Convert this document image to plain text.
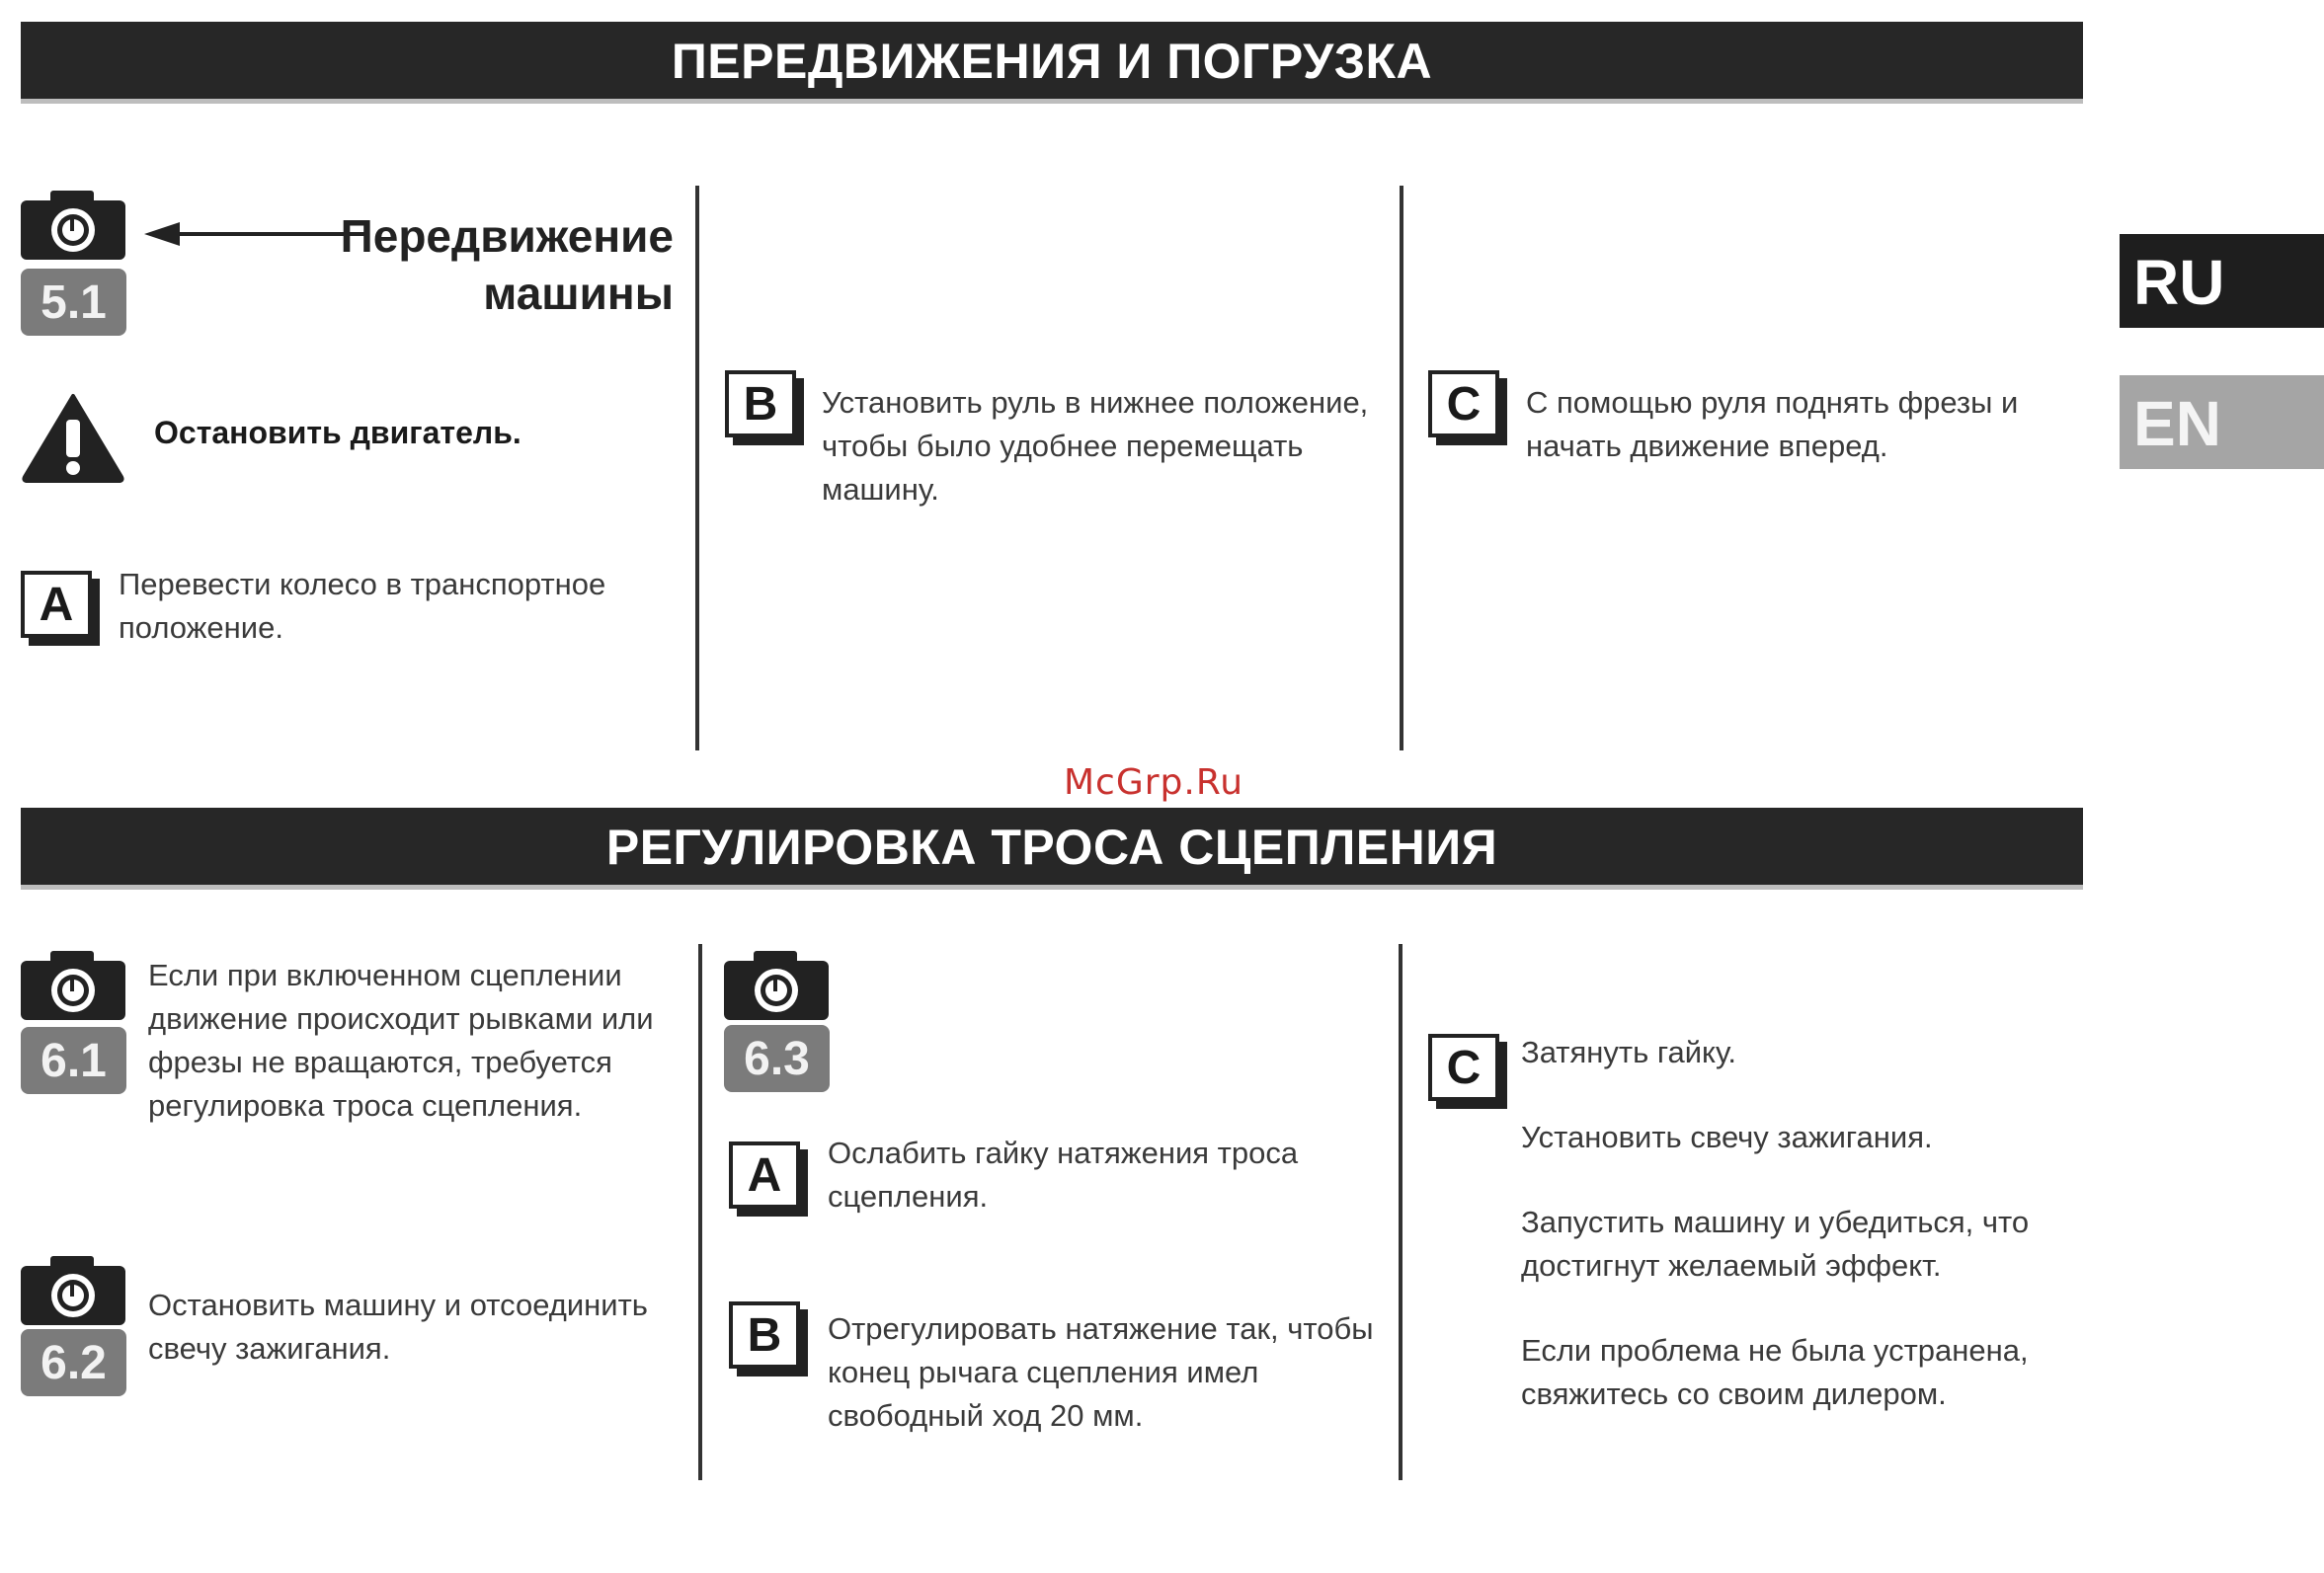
ПЕРЕДВИЖЕНИЯ И ПОГРУЗКА
5.1
Передвижение
машины
Остановить двигатель.
A	Перевести колесо в транспортное
положение.
B	Установить руль в нижнее положение,
чтобы было удобнее перемещать
машину.
C	С помощью руля поднять фрезы и
начать движение вперед.
McGrp.Ru
РЕГУЛИРОВКА ТРОСА СЦЕПЛЕНИЯ
6.1
Если при включенном сцеплении
движение происходит рывками или
фрезы не вращаются, требуется
регулировка троса сцепления.
6.2
Остановить машину и отсоединить
свечу зажигания.
6.3
A	Ослабить гайку натяжения троса
сцепления.
B	Отрегулировать натяжение так, чтобы
конец рычага сцепления имел
свободный ход 20 мм.
C	Затянуть гайку.
Установить свечу зажигания.
Запустить машину и убедиться, что
достигнут желаемый эффект.
Если проблема не была устранена,
свяжитесь со своим дилером.
RU
EN
